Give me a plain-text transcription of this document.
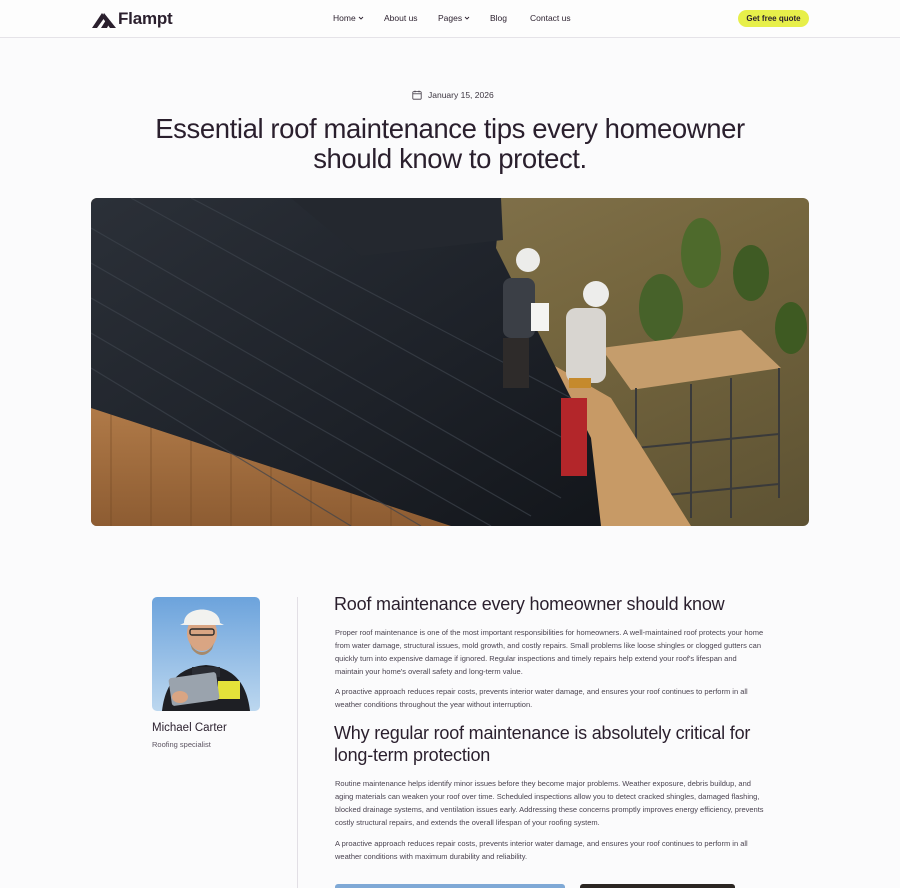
Flampt	Home	About us Pages	Blog	Contact us	Get free quote
January 15, 2026
Essential roof maintenance tips every homeowner should know to protect.
Michael Carter
Roofing specialist
Roof maintenance every homeowner should know

Proper roof maintenance is one of the most important responsibilities for homeowners. A well-maintained roof protects your home from water damage, structural issues, mold growth, and costly repairs. Small problems like loose shingles or clogged gutters can quickly turn into expensive damage if ignored. Regular inspections and timely repairs help extend your roof's lifespan and maintain your home's overall safety and long-term value.

A proactive approach reduces repair costs, prevents interior water damage, and ensures your roof continues to perform in all weather conditions throughout the year without interruption.

Why regular roof maintenance is absolutely critical for long-term protection

Routine maintenance helps identify minor issues before they become major problems. Weather exposure, debris buildup, and aging materials can weaken your roof over time. Scheduled inspections allow you to detect cracked shingles, damaged flashing, blocked drainage systems, and ventilation issues early. Addressing these concerns promptly improves energy efficiency, prevents costly structural repairs, and extends the overall lifespan of your roofing system.

A proactive approach reduces repair costs, prevents interior water damage, and ensures your roof continues to perform in all weather conditions with maximum durability and reliability.
